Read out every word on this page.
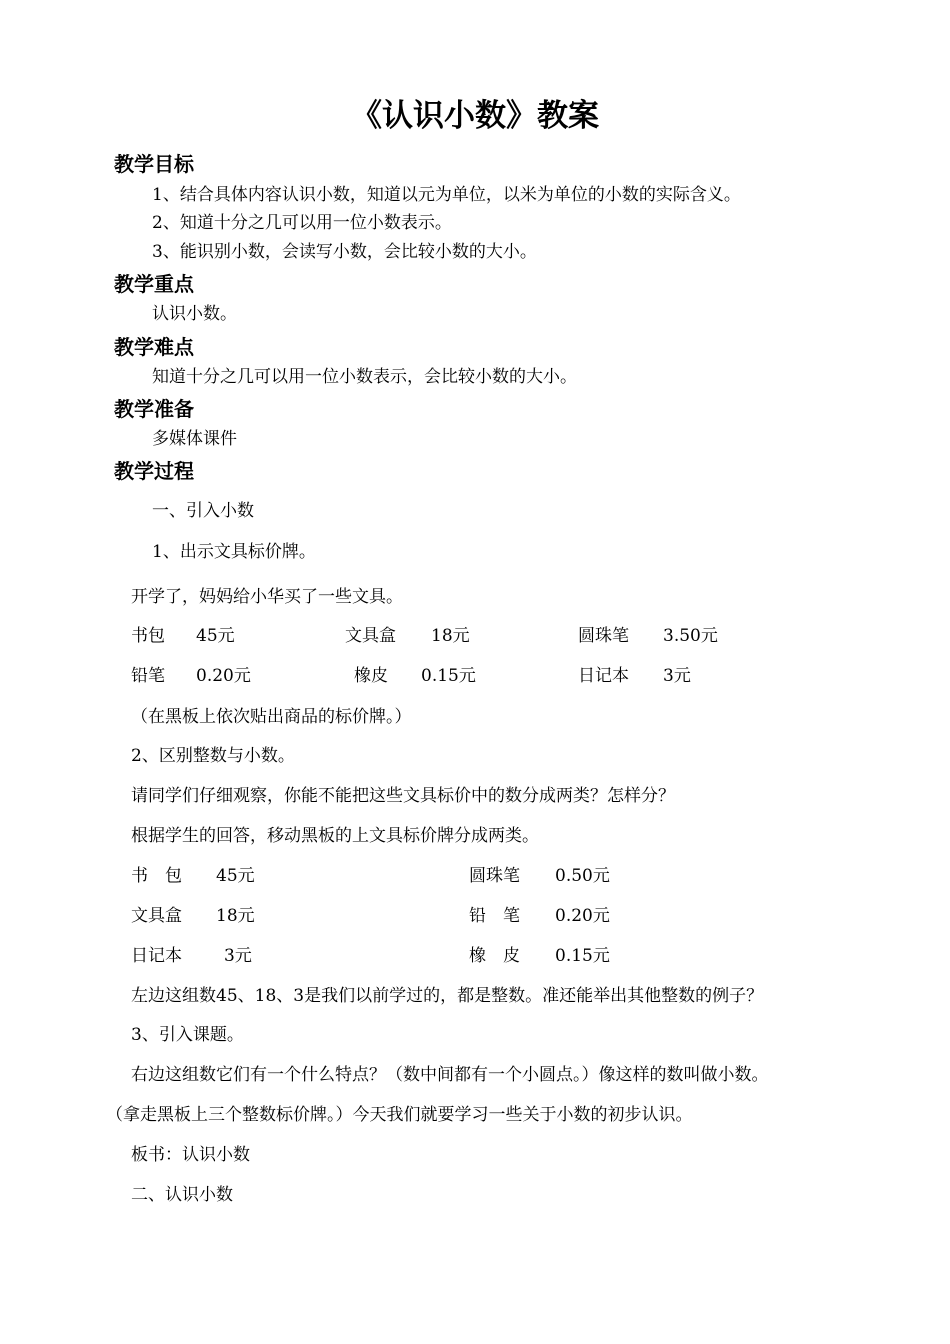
《认识小数》教案
教学目标
1、结合具体内容认识小数，知道以元为单位，以米为单位的小数的实际含义。
2、知道十分之几可以用一位小数表示。
3、能识别小数，会读写小数，会比较小数的大小。
教学重点
认识小数。
教学难点
知道十分之几可以用一位小数表示，会比较小数的大小。
教学准备
多媒体课件
教学过程
一、引入小数
1、出示文具标价牌。
开学了，妈妈给小华买了一些文具。
书包 45元	文具盒 18元	圆珠笔 3.50元
铅笔 0.20元	橡皮 0.15元	日记本 3元
（在黑板上依次贴出商品的标价牌。）
2、区别整数与小数。
请同学们仔细观察，你能不能把这些文具标价中的数分成两类？怎样分？
根据学生的回答，移动黑板的上文具标价牌分成两类。
书　包 45元	圆珠笔 0.50元
文具盒 18元	铅　笔 0.20元
日记本 3元	橡　皮 0.15元
左边这组数45、18、3是我们以前学过的，都是整数。准还能举出其他整数的例子？
3、引入课题。
右边这组数它们有一个什么特点？（数中间都有一个小圆点。）像这样的数叫做小数。
（拿走黑板上三个整数标价牌。）今天我们就要学习一些关于小数的初步认识。
板书：认识小数
二、认识小数
